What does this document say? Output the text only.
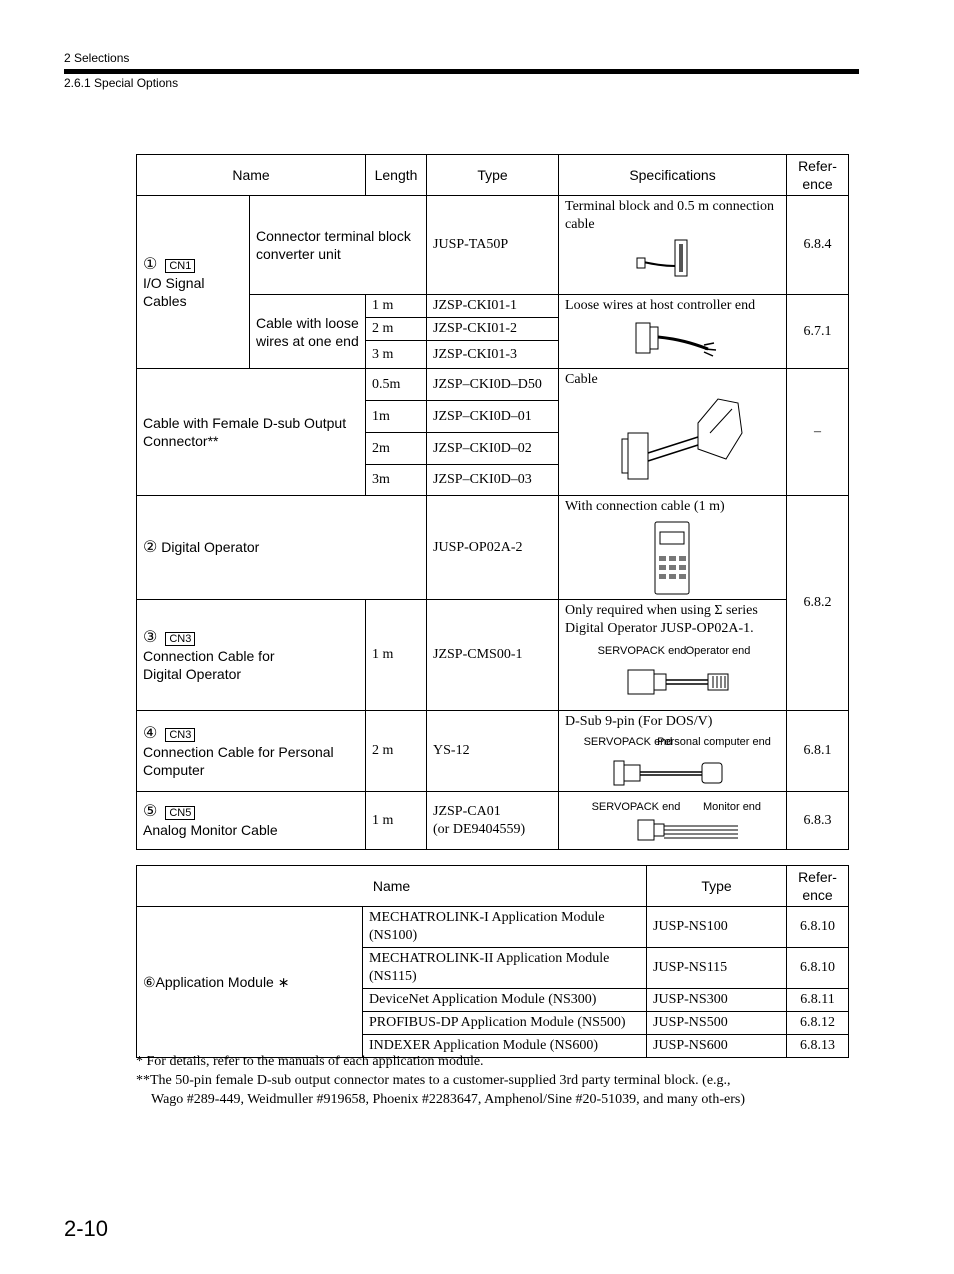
2 Selections
2.6.1 Special Options
Name		Length	Type	Specifications	Refer-
ence
① CN1
I/O Signal Cables	Connector terminal block converter unit		JUSP-TA50P	Terminal block and 0.5 m connection cable	6.8.4
	Cable with loose wires at one end	1 m	JZSP-CKI01-1	Loose wires at host controller end	6.7.1
		2 m	JZSP-CKI01-2		
		3 m	JZSP-CKI01-3		
Cable with Female D-sub Output Connector**		0.5m	JZSP–CKI0D–D50	Cable	–
		1m	JZSP–CKI0D–01		
		2m	JZSP–CKI0D–02		
		3m	JZSP–CKI0D–03		
② Digital Operator			JUSP-OP02A-2	With connection cable (1 m)	6.8.2
③ CN3
Connection Cable for Digital Operator		1 m	JZSP-CMS00-1	Only required when using Σ series Digital Operator JUSP-OP02A-1.
SERVOPACK end Operator end	

④ CN3
Connection Cable for Personal Computer		2 m	YS-12	D-Sub 9-pin (For DOS/V)
SERVOPACK end
Personal computer end	6.8.1
⑤ CN5
Analog Monitor Cable		1 m	JZSP-CA01
(or DE9404559)	SERVOPACK end Monitor end	6.8.3
Name		Type	Refer-
ence
⑥Application Module ∗	MECHATROLINK-I Application Module (NS100)	JUSP-NS100	6.8.10
	MECHATROLINK-II Application Module (NS115)	JUSP-NS115	6.8.10
	DeviceNet Application Module (NS300)	JUSP-NS300	6.8.11
	PROFIBUS-DP Application Module (NS500)	JUSP-NS500	6.8.12
	INDEXER Application Module (NS600)	JUSP-NS600	6.8.13
* For details, refer to the manuals of each application module.
**The 50-pin female D-sub output connector mates to a customer-supplied 3rd party terminal block. (e.g., Wago #289-449, Weidmuller #919658, Phoenix #2283647, Amphenol/Sine #20-51039, and many oth-ers)
2-10
